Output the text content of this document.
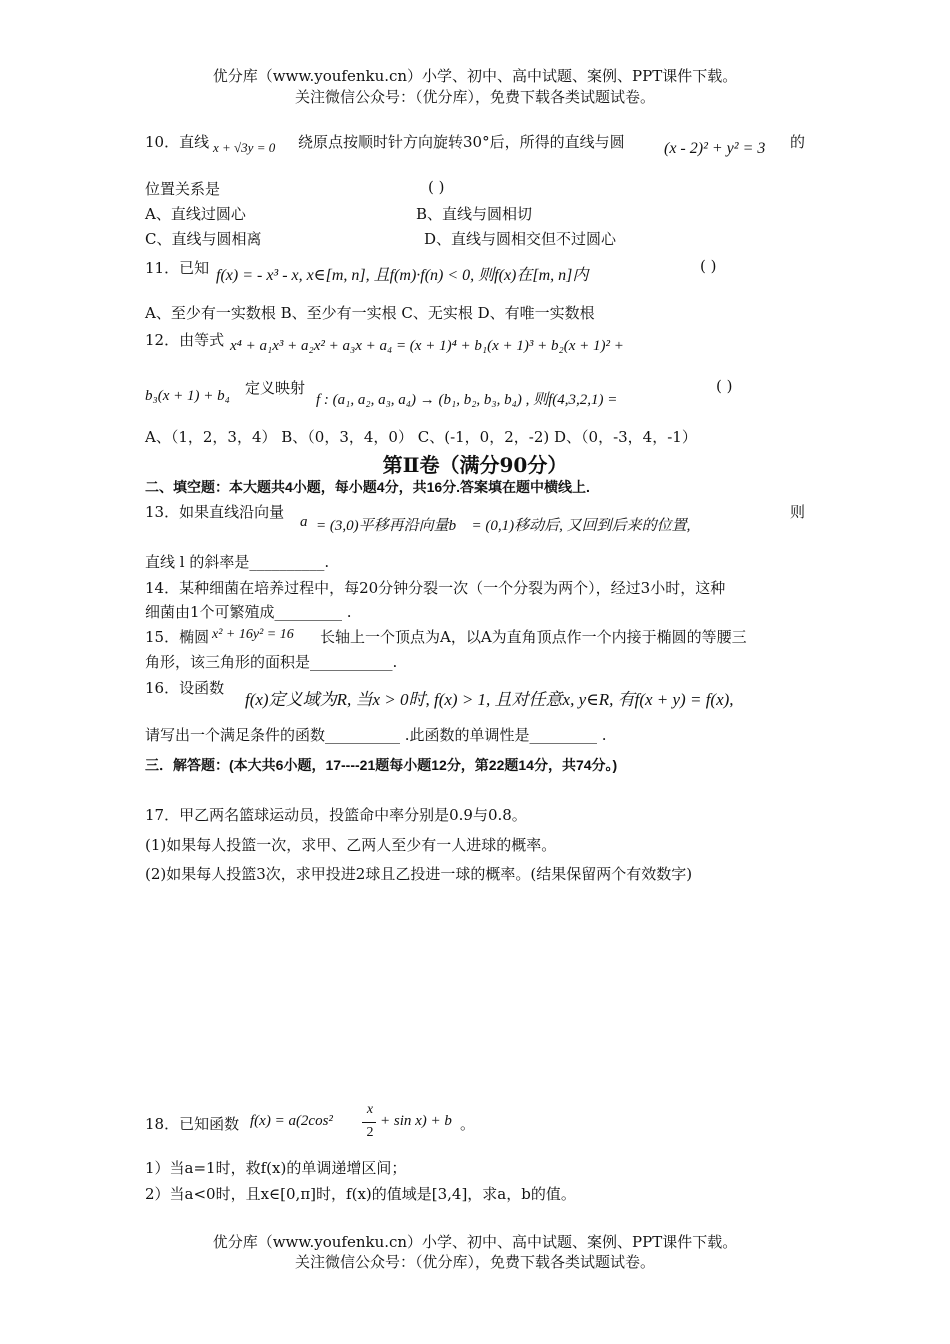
优分库（www.youfenku.cn）小学、初中、高中试题、案例、PPT课件下载。
关注微信公众号：（优分库），免费下载各类试题试卷。
10．直线 x + √3y = 0 绕原点按顺时针方向旋转30°后，所得的直线与圆 (x - 2)² + y² = 3 的
位置关系是	( )
A、直线过圆心	B、直线与圆相切
C、直线与圆相离	D、直线与圆相交但不过圆心
11．已知 f(x) = - x³ - x, x∈[m, n], 且f(m)·f(n) < 0, 则f(x)在[m, n]内
( )
A、至少有一实数根 B、至少有一实根 C、无实根 D、有唯一实数根
12．由等式 x⁴ + a₁x³ + a₂x² + a₃x + a₄ = (x + 1)⁴ + b₁(x + 1)³ + b₂(x + 1)² +
b₃(x + 1) + b₄ 定义映射
f : (a₁, a₂, a₃, a₄) → (b₁, b₂, b₃, b₄) , 则f(4,3,2,1) =
( )
A、（1，2，3，4） B、（0，3，4，0） C、(-1，0，2，-2) D、（0，-3，4，-1）
第Ⅱ卷（满分90分）
二、填空题：本大题共4小题，每小题4分，共16分.答案填在题中横线上.
13．如果直线沿向量
a⃗
= (3,0)平移再沿向量b⃗ = (0,1)移动后, 又回到后来的位置,
则
直线 l 的斜率是__________.
14．某种细菌在培养过程中，每20分钟分裂一次（一个分裂为两个），经过3小时，这种
细菌由1个可繁殖成_________ .
15．椭圆 x² + 16y² = 16 长轴上一个顶点为A，以A为直角顶点作一个内接于椭圆的等腰三
角形，该三角形的面积是___________.
16．设函数
f(x)定义域为R, 当x > 0时, f(x) > 1, 且对任意x, y∈R, 有f(x + y) = f(x),
请写出一个满足条件的函数__________ .此函数的单调性是_________ .
三．解答题：(本大共6小题，17----21题每小题12分，第22题14分，共74分。)
17．甲乙两名篮球运动员，投篮命中率分别是0.9与0.8。
(1)如果每人投篮一次，求甲、乙两人至少有一人进球的概率。
(2)如果每人投篮3次，求甲投进2球且乙投进一球的概率。(结果保留两个有效数字)
18．已知函数 f(x) = a(2cos²
x
2
+ sin x) + b 。
1）当a=1时，救f(x)的单调递增区间；
2）当a<0时，且x∈[0,π]时，f(x)的值域是[3,4]，求a，b的值。
优分库（www.youfenku.cn）小学、初中、高中试题、案例、PPT课件下载。
关注微信公众号：（优分库），免费下载各类试题试卷。
